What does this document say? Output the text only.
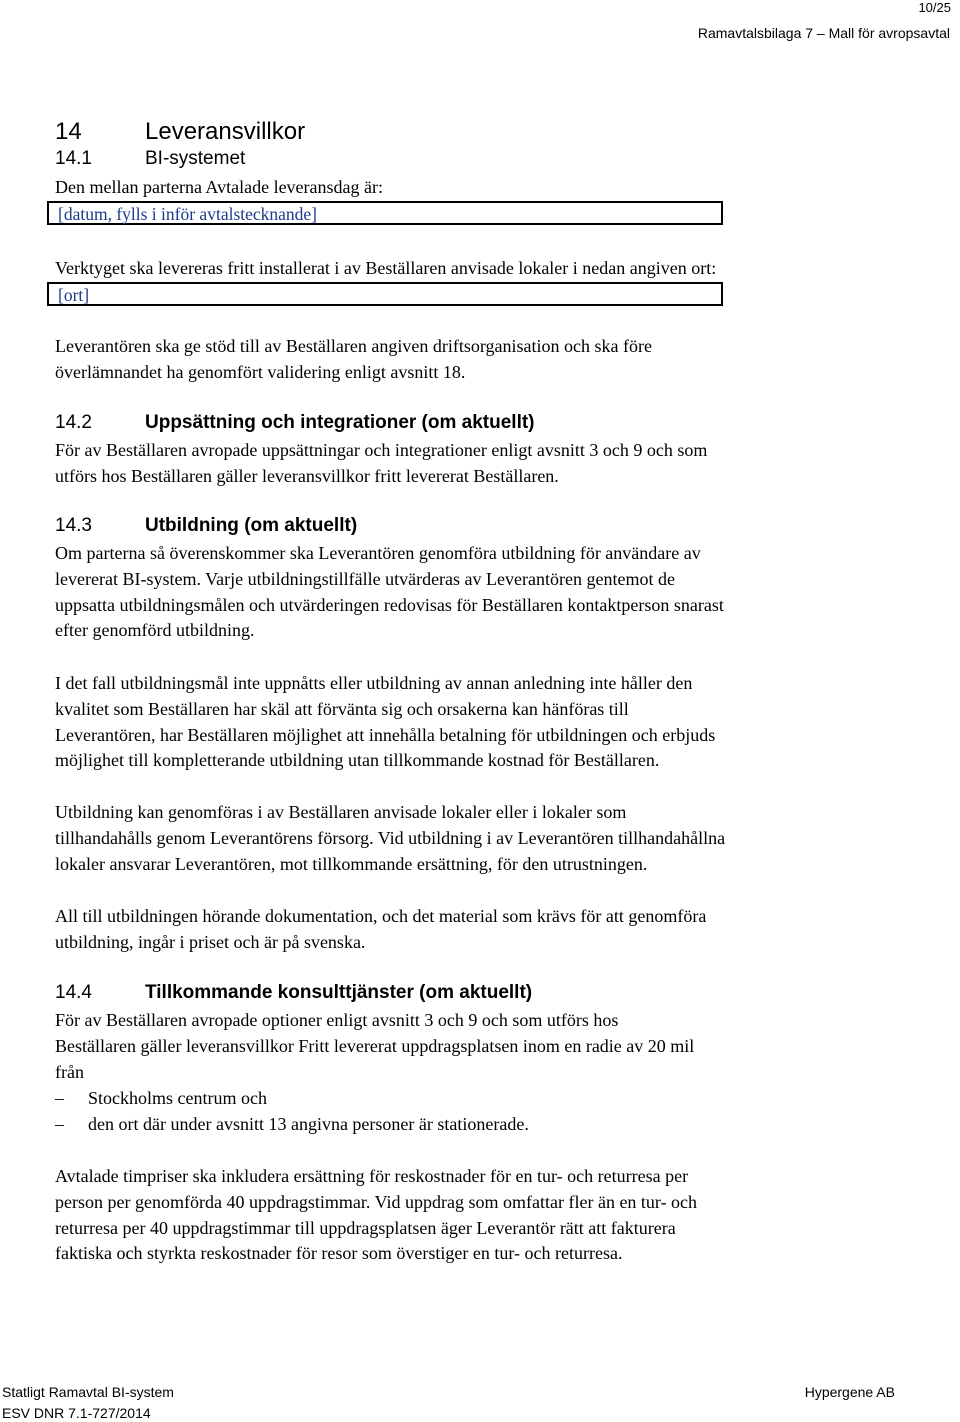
10/25
Ramavtalsbilaga 7 – Mall för avropsavtal
14	Leveransvillkor
14.1	BI-systemet
Den mellan parterna Avtalade leveransdag är:
[datum, fylls i inför avtalstecknande]
Verktyget ska levereras fritt installerat i av Beställaren anvisade lokaler i nedan angiven ort:
[ort]
Leverantören ska ge stöd till av Beställaren angiven driftsorganisation och ska före
överlämnandet ha genomfört validering enligt avsnitt 18.
14.2	Uppsättning och integrationer (om aktuellt)
För av Beställaren avropade uppsättningar och integrationer enligt avsnitt 3 och 9 och som
utförs hos Beställaren gäller leveransvillkor fritt levererat Beställaren.
14.3	Utbildning (om aktuellt)
Om parterna så överenskommer ska Leverantören genomföra utbildning för användare av
levererat BI-system. Varje utbildningstillfälle utvärderas av Leverantören gentemot de
uppsatta utbildningsmålen och utvärderingen redovisas för Beställaren kontaktperson snarast
efter genomförd utbildning.
I det fall utbildningsmål inte uppnåtts eller utbildning av annan anledning inte håller den
kvalitet som Beställaren har skäl att förvänta sig och orsakerna kan hänföras till
Leverantören, har Beställaren möjlighet att innehålla betalning för utbildningen och erbjuds
möjlighet till kompletterande utbildning utan tillkommande kostnad för Beställaren.
Utbildning kan genomföras i av Beställaren anvisade lokaler eller i lokaler som
tillhandahålls genom Leverantörens försorg. Vid utbildning i av Leverantören tillhandahållna
lokaler ansvarar Leverantören, mot tillkommande ersättning, för den utrustningen.
All till utbildningen hörande dokumentation, och det material som krävs för att genomföra
utbildning, ingår i priset och är på svenska.
14.4	Tillkommande konsulttjänster (om aktuellt)
För av Beställaren avropade optioner enligt avsnitt 3 och 9 och som utförs hos
Beställaren gäller leveransvillkor Fritt levererat uppdragsplatsen inom en radie av 20 mil
från
– Stockholms centrum och
– den ort där under avsnitt 13 angivna personer är stationerade.
Avtalade timpriser ska inkludera ersättning för reskostnader för en tur- och returresa per
person per genomförda 40 uppdragstimmar. Vid uppdrag som omfattar fler än en tur- och
returresa per 40 uppdragstimmar till uppdragsplatsen äger Leverantör rätt att fakturera
faktiska och styrkta reskostnader för resor som överstiger en tur- och returresa.
Statligt Ramavtal BI-system
ESV DNR 7.1-727/2014
Hypergene AB
